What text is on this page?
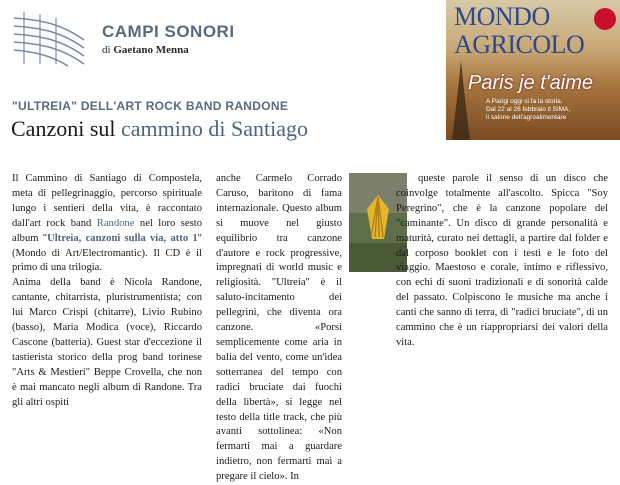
CAMPI SONORI
di Gaetano Menna
MONDO
AGRICOLO
Paris je t'aime
A Parigi oggi si fa la storia.
Dal 22 al 26 febbraio il SIMA,
il salone dell'agroalimentare
"ULTREIA" DELL'ART ROCK BAND RANDONE
Canzoni sul cammino di Santiago

Il Cammino di Santiago di Compostela, meta di pellegrinaggio, percorso spirituale lungo i sentieri della vita, è raccontato dall'art rock band Randone nel loro sesto album "Ultreia, canzoni sulla via, atto 1" (Mondo di Art/Electromantic). Il CD è il primo di una trilogia.

Anima della band è Nicola Randone, cantante, chitarrista, pluristrumentista; con lui Marco Crispi (chitarre), Livio Rubino (basso), Maria Modica (voce), Riccardo Cascone (batteria). Guest star d'eccezione il tastierista storico della prog band torinese "Arts & Mestieri" Beppe Crovella, che non è mai mancato negli album di Randone. Tra gli altri ospiti

anche Carmelo Corrado Caruso, baritono di fama internazionale. Questo album si muove nel giusto equilibrio tra canzone d'autore e rock progressive, impregnati di world music e religiosità. "Ultreia" è il saluto-incitamento dei pellegrini, che diventa ora canzone. «Porsi semplicemente come aria in balia del vento, come un'idea sotterranea del tempo con radici bruciate dai fuochi della libertà», si legge nel testo della title track, che più avanti sottolinea: «Non fermarti mai a guardare indietro, non fermarti mai a pregare il cielo». In

queste parole il senso di un disco che coinvolge totalmente all'ascolto. Spicca "Soy Peregrino", che è la canzone popolare del "caminante". Un disco di grande personalità e maturità, curato nei dettagli, a partire dal folder e dal corposo booklet con i testi e le foto del viaggio. Maestoso e corale, intimo e riflessivo, con echi di suoni tradizionali e di sonorità calde del passato. Colpiscono le musiche ma anche i canti che sanno di terra, di "radici bruciate", di un cammino che è un riappropriarsi dei valori della vita.
